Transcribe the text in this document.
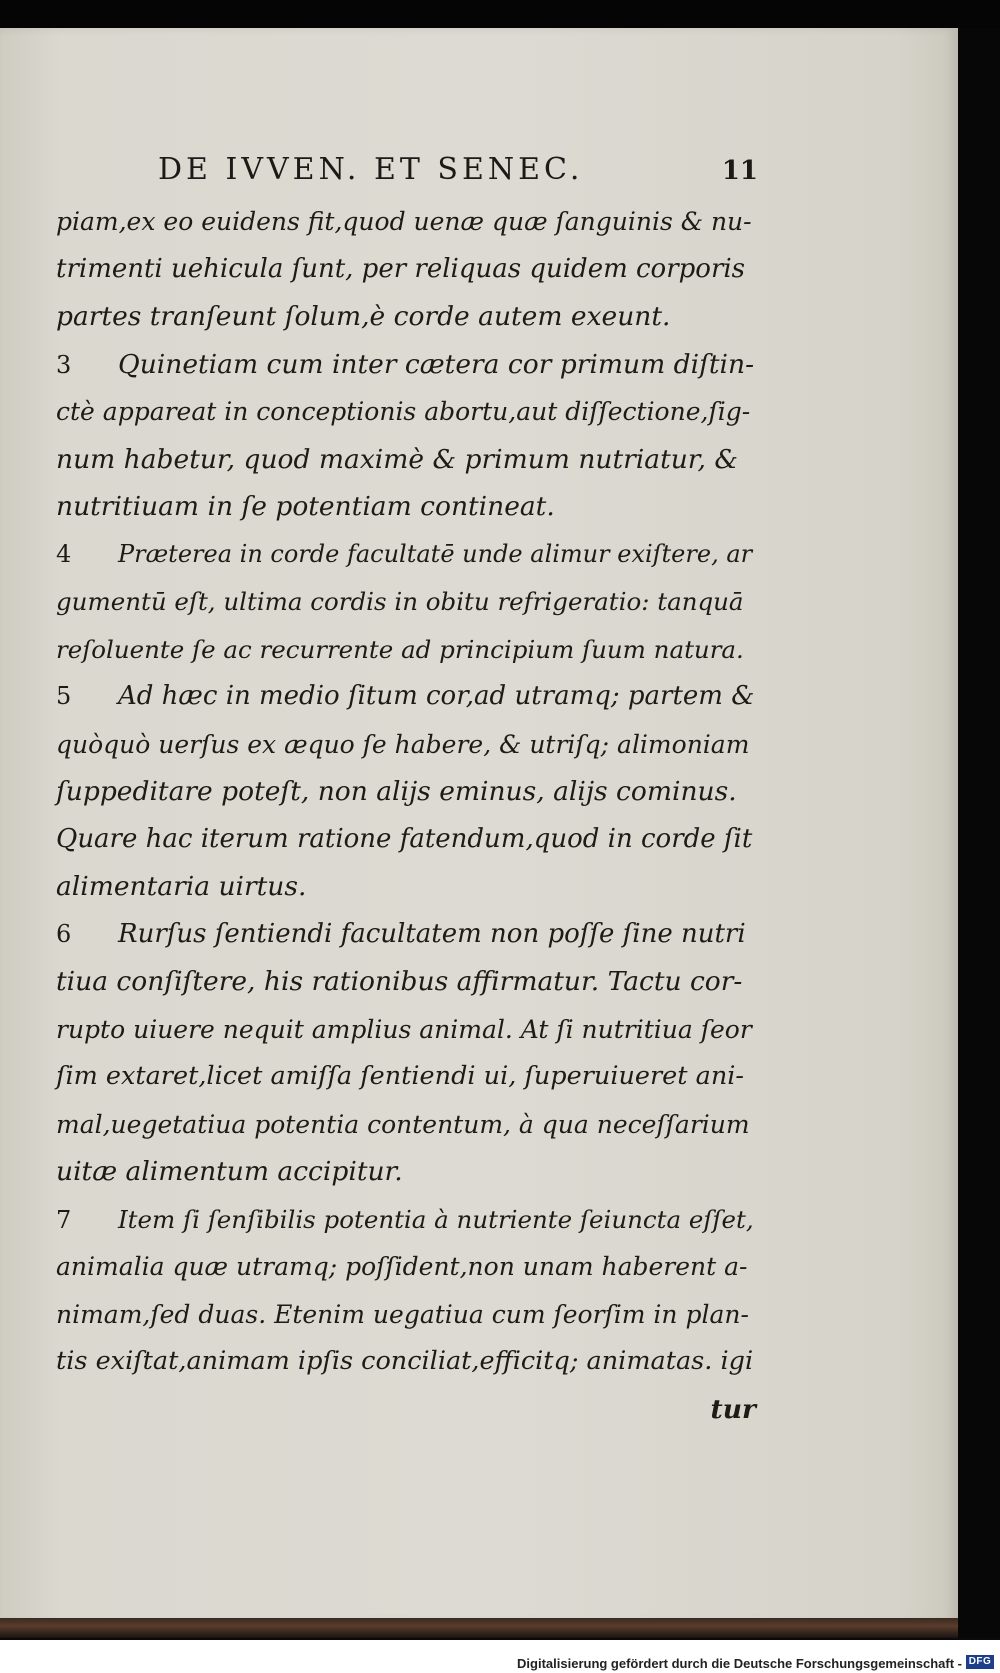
DE IVVEN. ET SENEC.	11
piam,ex eo euidens fit,quod uenæ quæ ſanguinis & nu-
trimenti uehicula ſunt, per reliquas quidem corporis
partes tranſeunt ſolum,è corde autem exeunt.
3 Quinetiam cum inter cætera cor primum diſtin-
ctè appareat in conceptionis abortu,aut diſſectione,ſig-
num habetur, quod maximè & primum nutriatur, &
nutritiuam in ſe potentiam contineat.
4 Præterea in corde facultatē unde alimur exiſtere, ar
gumentū eſt, ultima cordis in obitu refrigeratio: tanquā
reſoluente ſe ac recurrente ad principium ſuum natura.
5 Ad hæc in medio ſitum cor,ad utramq; partem &
quòquò uerſus ex æquo ſe habere, & utriſq; alimoniam
ſuppeditare poteſt, non aliјs eminus, aliјs cominus.
Quare hac iterum ratione fatendum,quod in corde ſit
alimentaria uirtus.
6 Rurſus ſentiendi facultatem non poſſe ſine nutri
tiua conſiſtere, his rationibus affirmatur. Tactu cor-
rupto uiuere nequit amplius animal. At ſi nutritiua ſeor
ſim extaret,licet amiſſa ſentiendi ui, ſuperuiueret ani-
mal,uegetatiua potentia contentum, à qua neceſſarium
uitæ alimentum accipitur.
7 Item ſi ſenſibilis potentia à nutriente ſeiuncta eſſet,
animalia quæ utramq; poſſident,non unam haberent a-
nimam,ſed duas. Etenim uegatiua cum ſeorſim in plan-
tis exiſtat,animam ipſis conciliat,efficitq; animatas. igi
tur
Digitalisierung gefördert durch die Deutsche Forschungsgemeinschaft - DFG
